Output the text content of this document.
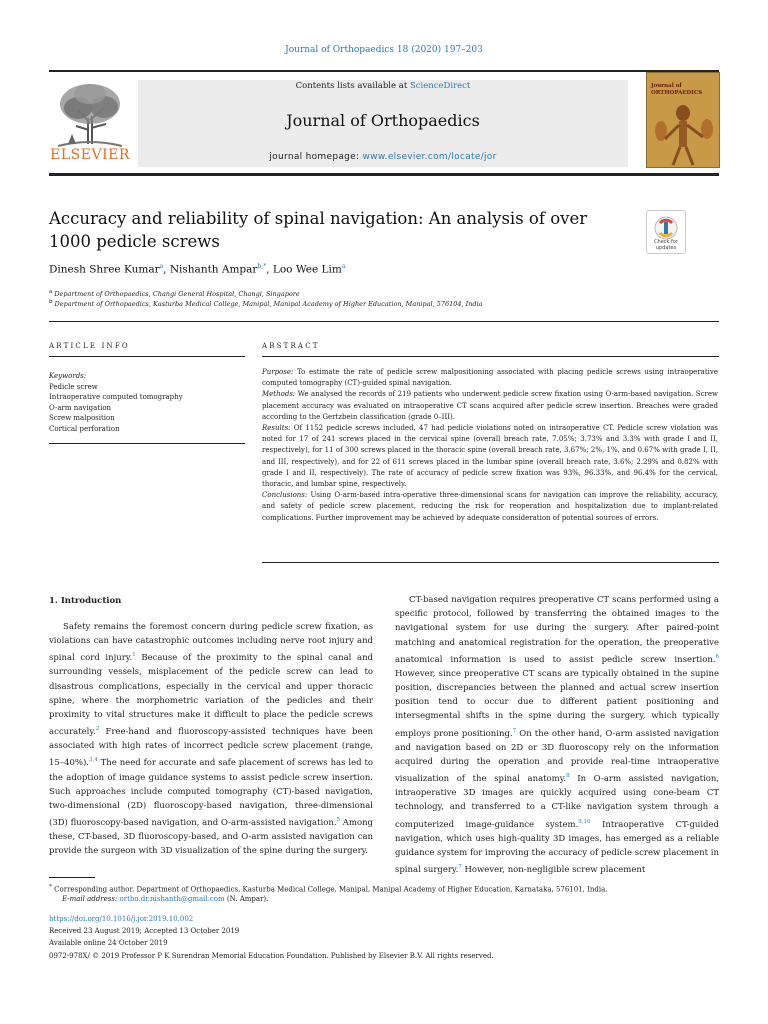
Journal of Orthopaedics 18 (2020) 197–203
ELSEVIER
Contents lists available at ScienceDirect
Journal of Orthopaedics
journal homepage: www.elsevier.com/locate/jor
Journal of ORTHOPAEDICS
Accuracy and reliability of spinal navigation: An analysis of over 1000 pedicle screws	Check for updates
Dinesh Shree Kumar$^a$, Nishanth Ampar$^{b,*}$, Loo Wee Lim$^a$
$^a$ Department of Orthopaedics, Changi General Hospital, Changi, Singapore
$^b$ Department of Orthopaedics, Kasturba Medical College, Manipal, Manipal Academy of Higher Education, Manipal, 576104, India
ARTICLE INFO	ABSTRACT
Keywords:
Pedicle screw
Intraoperative computed tomography
O-arm navigation
Screw malposition
Cortical perforation

Purpose: To estimate the rate of pedicle screw malpositioning associated with placing pedicle screws using intraoperative computed tomography (CT)-guided spinal navigation.

Methods: We analysed the records of 219 patients who underwent pedicle screw fixation using O-arm-based navigation. Screw placement accuracy was evaluated on intraoperative CT scans acquired after pedicle screw insertion. Breaches were graded according to the Gertzbein classification (grade 0–III).

Results: Of 1152 pedicle screws included, 47 had pedicle violations noted on intraoperative CT. Pedicle screw violation was noted for 17 of 241 screws placed in the cervical spine (overall breach rate, 7.05%; 3.73% and 3.3% with grade I and II, respectively), for 11 of 300 screws placed in the thoracic spine (overall breach rate, 3.67%; 2%, 1%, and 0.67% with grade I, II, and III, respectively), and for 22 of 611 screws placed in the lumbar spine (overall breach rate, 3.6%; 2.29% and 0.82% with grade I and II, respectively). The rate of accuracy of pedicle screw fixation was 93%, 96.33%, and 96.4% for the cervical, thoracic, and lumbar spine, respectively.

Conclusions: Using O-arm-based intra-operative three-dimensional scans for navigation can improve the reliability, accuracy, and safety of pedicle screw placement, reducing the risk for reoperation and hospitalization due to implant-related complications. Further improvement may be achieved by adequate consideration of potential sources of errors.

1. Introduction

Safety remains the foremost concern during pedicle screw fixation, as violations can have catastrophic outcomes including nerve root injury and spinal cord injury.$^1$ Because of the proximity to the spinal canal and surrounding vessels, misplacement of the pedicle screw can lead to disastrous complications, especially in the cervical and upper thoracic spine, where the morphometric variation of the pedicles and their proximity to vital structures make it difficult to place the pedicle screws accurately.$^2$ Free-hand and fluoroscopy-assisted techniques have been associated with high rates of incorrect pedicle screw placement (range, 15–40%).$^{3,4}$ The need for accurate and safe placement of screws has led to the adoption of image guidance systems to assist pedicle screw insertion. Such approaches include computed tomography (CT)-based navigation, two-dimensional (2D) fluoroscopy-based navigation, three-dimensional (3D) fluoroscopy-based navigation, and O-arm-assisted navigation.$^5$ Among these, CT-based, 3D fluoroscopy-based, and O-arm assisted navigation can provide the surgeon with 3D visualization of the spine during the surgery.

CT-based navigation requires preoperative CT scans performed using a specific protocol, followed by transferring the obtained images to the navigational system for use during the surgery. After paired-point matching and anatomical registration for the operation, the preoperative anatomical information is used to assist pedicle screw insertion.$^6$ However, since preoperative CT scans are typically obtained in the supine position, discrepancies between the planned and actual screw insertion position tend to occur due to different patient positioning and intersegmental shifts in the spine during the surgery, which typically employs prone positioning.$^7$ On the other hand, O-arm assisted navigation and navigation based on 2D or 3D fluoroscopy rely on the information acquired during the operation and provide real-time intraoperative visualization of the spinal anatomy.$^8$ In O-arm assisted navigation, intraoperative 3D images are quickly acquired using cone-beam CT technology, and transferred to a CT-like navigation system through a computerized image-guidance system.$^{9,10}$ Intraoperative CT-guided navigation, which uses high-quality 3D images, has emerged as a reliable guidance system for improving the accuracy of pedicle screw placement in spinal surgery.$^7$ However, non-negligible screw placement

* Corresponding author. Department of Orthopaedics, Kasturba Medical College, Manipal, Manipal Academy of Higher Education, Karnataka, 576101, India.
E-mail address: ortho.dr.nishanth@gmail.com (N. Ampar).
https://doi.org/10.1016/j.jor.2019.10.002
Received 23 August 2019; Accepted 13 October 2019
Available online 24 October 2019
0972-978X/ © 2019 Professor P K Surendran Memorial Education Foundation. Published by Elsevier B.V. All rights reserved.
